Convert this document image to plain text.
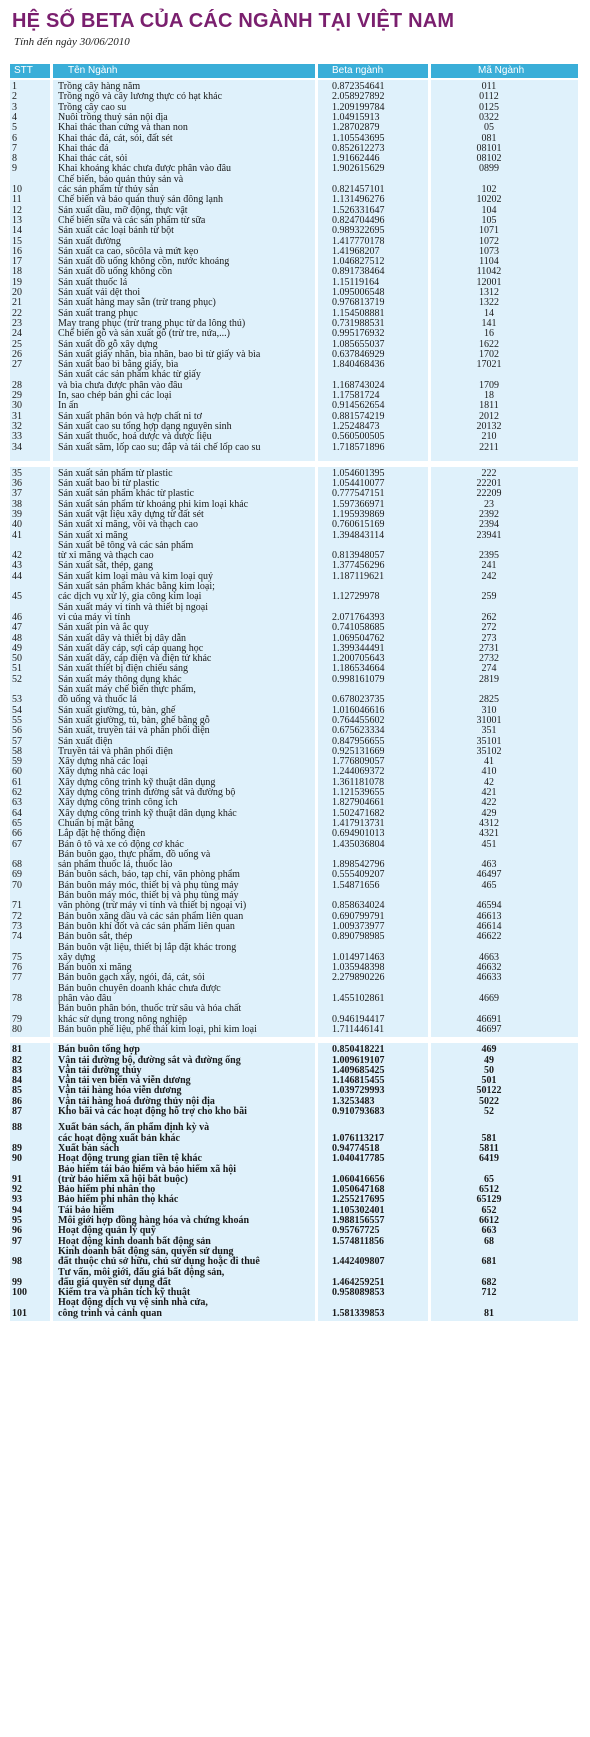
HỆ SỐ BETA CỦA CÁC NGÀNH TẠI VIỆT NAM
Tính đến ngày 30/06/2010
STT	Tên Ngành	Beta ngành	Mã Ngành
1	Trồng cây hàng năm	0.872354641	011
2	Trồng ngô và cây lương thực có hạt khác	2.058927892	0112
3	Trồng cây cao su	1.209199784	0125
4	Nuôi trồng thuỷ sản nội địa	1.04915913	0322
5	Khai thác than cứng và than non	1.28702879	05
6	Khai thác đá, cát, sỏi, đất sét	1.105543695	081
7	Khai thác đá	0.852612273	08101
8	Khai thác cát, sỏi	1.91662446	08102
9	Khai khoáng khác chưa được phân vào đâu	1.902615629	0899
10
Chế biến, bảo quản thủy sản và
các sản phẩm từ thủy sản	0.821457101	102
11	Chế biến và bảo quản thuỷ sản đông lạnh	1.131496276	10202
12	Sản xuất dầu, mỡ động, thực vật	1.526331647	104
13	Chế biến sữa và các sản phẩm từ sữa	0.824704496	105
14	Sản xuất các loại bánh từ bột	0.989322695	1071
15	Sản xuất đường	1.417770178	1072
16	Sản xuất ca cao, sôcôla và mứt kẹo	1.41968207	1073
17	Sản xuất đồ uống không cồn, nước khoáng	1.046827512	1104
18	Sản xuất đồ uống không cồn	0.891738464	11042
19	Sản xuất thuốc lá	1.15119164	12001
20	Sản xuất vải dệt thoi	1.095006548	1312
21	Sản xuất hàng may sẵn (trừ trang phục)	0.976813719	1322
22	Sản xuất trang phục	1.154508881	14
23	May trang phục (trừ trang phục từ da lông thú)	0.731988531	141
24	Chế biến gỗ và sản xuất gỗ (trừ tre, nứa,...)	0.995176932	16
25	Sản xuất đồ gỗ xây dựng	1.085655037	1622
26	Sản xuất giấy nhăn, bìa nhăn, bao bì từ giấy và bìa	0.637846929	1702
27	Sản xuất bao bì bằng giấy, bìa	1.840468436	17021
28
Sản xuất các sản phẩm khác từ giấy
và bìa chưa được phân vào đâu	1.168743024	1709
29	In, sao chép bản ghi các loại	1.17581724	18
30	In ấn	0.914562654	1811
31	Sản xuất phân bón và hợp chất ni tơ	0.881574219	2012
32	Sản xuất cao su tổng hợp dạng nguyên sinh	1.25248473	20132
33	Sản xuất thuốc, hoá dược và dược liệu	0.560500505	210
34	Sản xuất săm, lốp cao su; đắp và tái chế lốp cao su	1.718571896	2211
35	Sản xuất sản phẩm từ plastic	1.054601395	222
36	Sản xuất bao bì từ plastic	1.054410077	22201
37	Sản xuất sản phẩm khác từ plastic	0.777547151	22209
38	Sản xuất sản phẩm từ khoáng phi kim loại khác	1.597366971	23
39	Sản xuất vật liệu xây dựng từ đất sét	1.195939869	2392
40	Sản xuất xi măng, vôi và thạch cao	0.760615169	2394
41	Sản xuất xi măng	1.394843114	23941
42
Sản xuất bê tông và các sản phẩm
từ xi măng và thạch cao	0.813948057	2395
43	Sản xuất sắt, thép, gang	1.377456296	241
44	Sản xuất kim loại màu và kim loại quý	1.187119621	242
45
Sản xuất sản phẩm khác bằng kim loại;
các dịch vụ xử lý, gia công kim loại	1.12729978	259
46
Sản xuất máy vi tính và thiết bị ngoại
vi của máy vi tính	2.071764393	262
47	Sản xuất pin và ắc quy	0.741058685	272
48	Sản xuất dây và thiết bị dây dẫn	1.069504762	273
49	Sản xuất dây cáp, sợi cáp quang học	1.399344491	2731
50	Sản xuất dây, cáp điện và điện tử khác	1.200705643	2732
51	Sản xuất thiết bị điện chiếu sáng	1.186534664	274
52	Sản xuất máy thông dụng khác	0.998161079	2819
53
Sản xuất máy chế biến thực phẩm,
đồ uống và thuốc lá	0.678023735	2825
54	Sản xuất giường, tủ, bàn, ghế	1.016046616	310
55	Sản xuất giường, tủ, bàn, ghế bằng gỗ	0.764455602	31001
56	Sản xuất, truyền tải và phân phối điện	0.675623334	351
57	Sản xuất điện	0.847956655	35101
58	Truyền tải và phân phối điện	0.925131669	35102
59	Xây dựng nhà các loại	1.776809057	41
60	Xây dựng nhà các loại	1.244069372	410
61	Xây dựng công trình kỹ thuật dân dụng	1.361181078	42
62	Xây dựng công trình đường sắt và đường bộ	1.121539655	421
63	Xây dựng công trình công ích	1.827904661	422
64	Xây dựng công trình kỹ thuật dân dụng khác	1.502471682	429
65	Chuẩn bị mặt bằng	1.417913731	4312
66	Lắp đặt hệ thống điện	0.694901013	4321
67	Bán ô tô và xe có động cơ khác	1.435036804	451
68
Bán buôn gạo, thực phẩm, đồ uống và
sản phẩm thuốc lá, thuốc lào	1.898542796	463
69	Bán buôn sách, báo, tạp chí, văn phòng phẩm	0.555409207	46497
70	Bán buôn máy móc, thiết bị và phụ tùng máy	1.54871656	465
71
Bán buôn máy móc, thiết bị và phụ tùng máy
văn phòng (trừ máy vi tính và thiết bị ngoại vi)	0.858634024	46594
72	Bán buôn xăng dầu và các sản phẩm liên quan	0.690799791	46613
73	Bán buôn khí đốt và các sản phẩm liên quan	1.009373977	46614
74	Bán buôn sắt, thép	0.890798985	46622
75
Bán buôn vật liệu, thiết bị lắp đặt khác trong
xây dựng	1.014971463	4663
76	Bán buôn xi măng	1.035948398	46632
77	Bán buôn gạch xây, ngói, đá, cát, sỏi	2.279890226	46633
78
Bán buôn chuyên doanh khác chưa được
phân vào đâu	1.455102861	4669
79
Bán buôn phân bón, thuốc trừ sâu và hóa chất
khác sử dụng trong nông nghiệp	0.946194417	46691
80	Bán buôn phế liệu, phế thải kim loại, phi kim loại	1.711446141	46697
81	Bán buôn tổng hợp	0.850418221	469
82	Vận tải đường bộ, đường sắt và đường ống	1.009619107	49
83	Vận tải đường thủy	1.409685425	50
84	Vận tải ven biển và viễn dương	1.146815455	501
85	Vận tải hàng hóa viễn dương	1.039729993	50122
86	Vận tải hàng hoá đường thủy nội địa	1.3253483	5022
87	Kho bãi và các hoạt động hỗ trợ cho kho bãi	0.910793683	52
88	Xuất bản sách, ấn phẩm định kỳ và
các hoạt động xuất bản khác	1.076113217	581
89	Xuất bản sách	0.94774518	5811
90	Hoạt động trung gian tiền tệ khác	1.040417785	6419
91
Bảo hiểm tái bảo hiểm và bảo hiểm xã hội
(trừ bảo hiểm xã hội bắt buộc)	1.060416656	65
92	Bảo hiểm phi nhân thọ	1.050647168	6512
93	Bảo hiểm phi nhân thọ khác	1.255217695	65129
94	Tái bảo hiểm	1.105302401	652
95	Môi giới hợp đồng hàng hóa và chứng khoán	1.988156557	6612
96	Hoạt động quản lý quỹ	0.95767725	663
97	Hoạt động kinh doanh bất động sản	1.574811856	68
98
Kinh doanh bất động sản, quyền sử dụng
đất thuộc chủ sở hữu, chủ sử dụng hoặc đi thuê	1.442409807	681
99
Tư vấn, môi giới, đấu giá bất động sản,
đấu giá quyền sử dụng đất	1.464259251	682
100	Kiểm tra và phân tích kỹ thuật	0.958089853	712
101
Hoạt động dịch vụ vệ sinh nhà cửa,
công trình và cảnh quan	1.581339853	81
